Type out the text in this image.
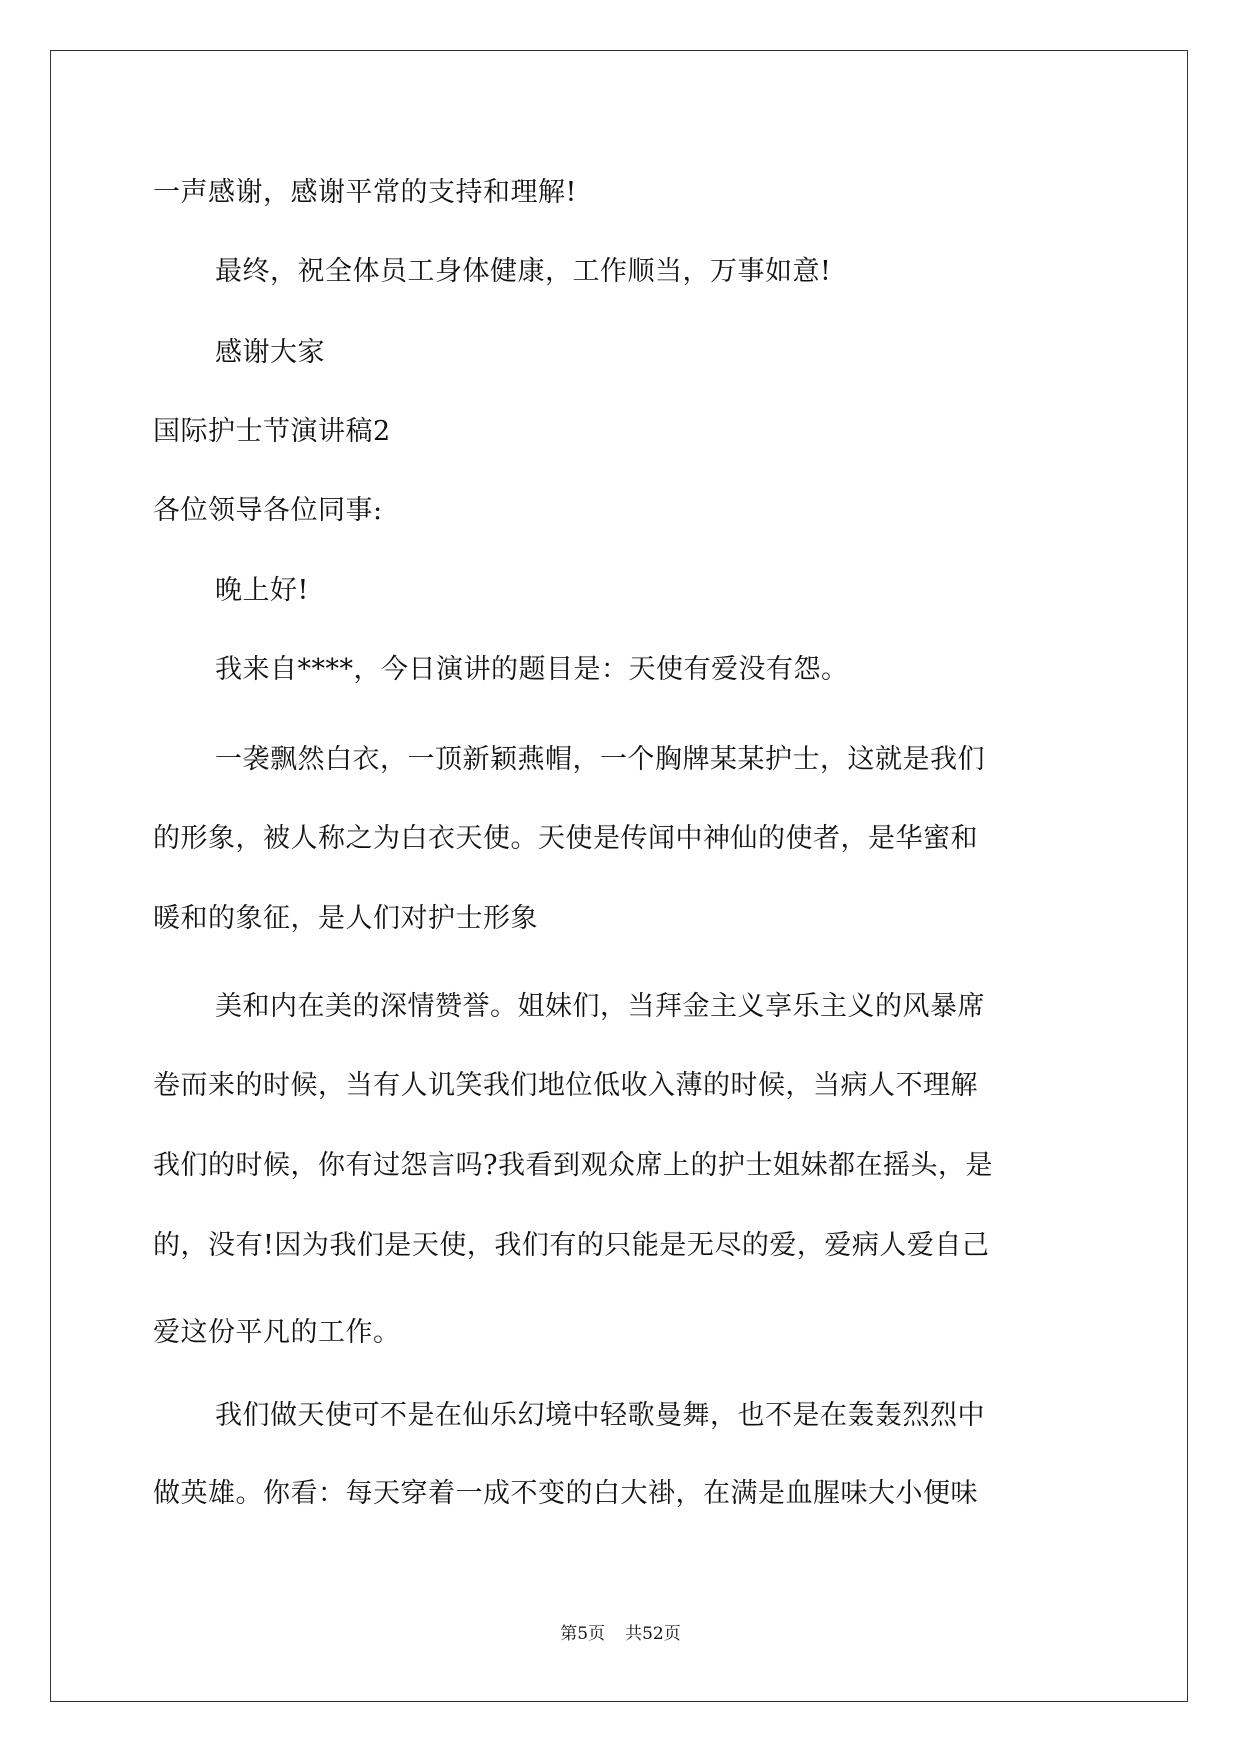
一声感谢，感谢平常的支持和理解!
最终，祝全体员工身体健康，工作顺当，万事如意!
感谢大家
国际护士节演讲稿2
各位领导各位同事:
晚上好!
我来自****，今日演讲的题目是：天使有爱没有怨。
一袭飘然白衣，一顶新颖燕帽，一个胸牌某某护士，这就是我们
的形象，被人称之为白衣天使。天使是传闻中神仙的使者，是华蜜和
暖和的象征，是人们对护士形象
美和内在美的深情赞誉。姐妹们，当拜金主义享乐主义的风暴席
卷而来的时候，当有人讥笑我们地位低收入薄的时候，当病人不理解
我们的时候，你有过怨言吗?我看到观众席上的护士姐妹都在摇头，是
的，没有!因为我们是天使，我们有的只能是无尽的爱，爱病人爱自己
爱这份平凡的工作。
我们做天使可不是在仙乐幻境中轻歌曼舞，也不是在轰轰烈烈中
做英雄。你看：每天穿着一成不变的白大褂，在满是血腥味大小便味
第5页 共52页
